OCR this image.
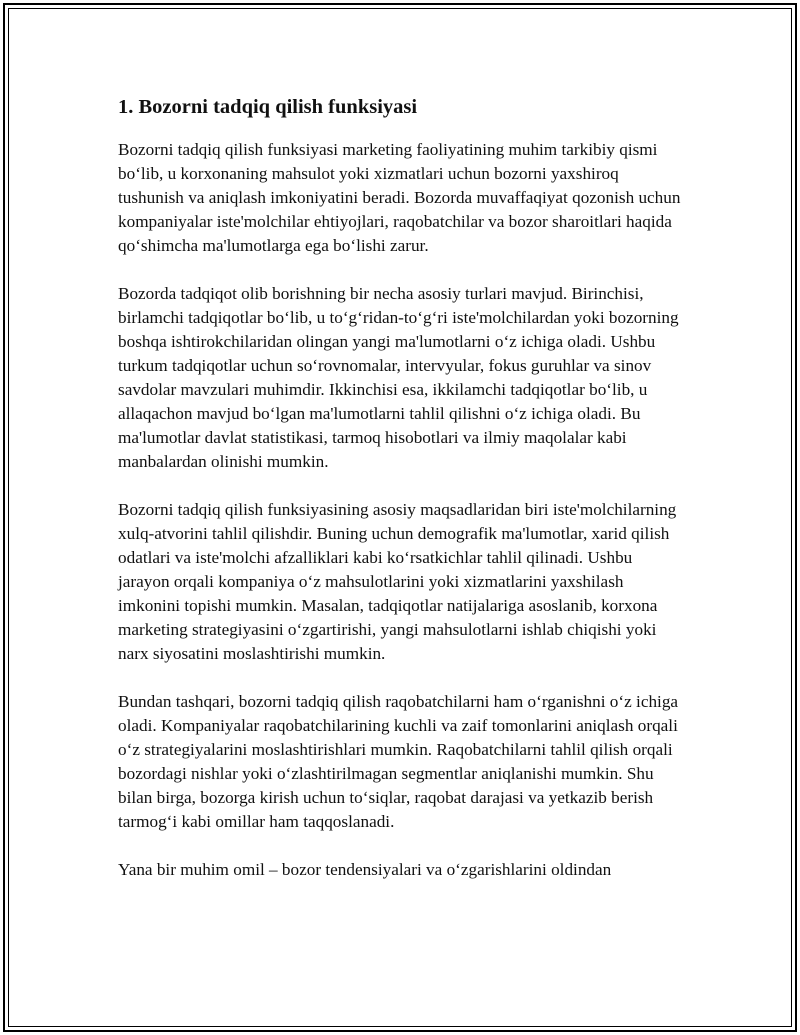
1. Bozorni tadqiq qilish funksiyasi

Bozorni tadqiq qilish funksiyasi marketing faoliyatining muhim tarkibiy qismi bo‘lib, u korxonaning mahsulot yoki xizmatlari uchun bozorni yaxshiroq tushunish va aniqlash imkoniyatini beradi. Bozorda muvaffaqiyat qozonish uchun kompaniyalar iste'molchilar ehtiyojlari, raqobatchilar va bozor sharoitlari haqida qo‘shimcha ma'lumotlarga ega bo‘lishi zarur.

Bozorda tadqiqot olib borishning bir necha asosiy turlari mavjud. Birinchisi, birlamchi tadqiqotlar bo‘lib, u to‘g‘ridan-to‘g‘ri iste'molchilardan yoki bozorning boshqa ishtirokchilaridan olingan yangi ma'lumotlarni o‘z ichiga oladi. Ushbu turkum tadqiqotlar uchun so‘rovnomalar, intervyular, fokus guruhlar va sinov savdolar mavzulari muhimdir. Ikkinchisi esa, ikkilamchi tadqiqotlar bo‘lib, u allaqachon mavjud bo‘lgan ma'lumotlarni tahlil qilishni o‘z ichiga oladi. Bu ma'lumotlar davlat statistikasi, tarmoq hisobotlari va ilmiy maqolalar kabi manbalardan olinishi mumkin.

Bozorni tadqiq qilish funksiyasining asosiy maqsadlaridan biri iste'molchilarning xulq-atvorini tahlil qilishdir. Buning uchun demografik ma'lumotlar, xarid qilish odatlari va iste'molchi afzalliklari kabi ko‘rsatkichlar tahlil qilinadi. Ushbu jarayon orqali kompaniya o‘z mahsulotlarini yoki xizmatlarini yaxshilash imkonini topishi mumkin. Masalan, tadqiqotlar natijalariga asoslanib, korxona marketing strategiyasini o‘zgartirishi, yangi mahsulotlarni ishlab chiqishi yoki narx siyosatini moslashtirishi mumkin.

Bundan tashqari, bozorni tadqiq qilish raqobatchilarni ham o‘rganishni o‘z ichiga oladi. Kompaniyalar raqobatchilarining kuchli va zaif tomonlarini aniqlash orqali o‘z strategiyalarini moslashtirishlari mumkin. Raqobatchilarni tahlil qilish orqali bozordagi nishlar yoki o‘zlashtirilmagan segmentlar aniqlanishi mumkin. Shu bilan birga, bozorga kirish uchun to‘siqlar, raqobat darajasi va yetkazib berish tarmog‘i kabi omillar ham taqqoslanadi.

Yana bir muhim omil – bozor tendensiyalari va o‘zgarishlarini oldindan
